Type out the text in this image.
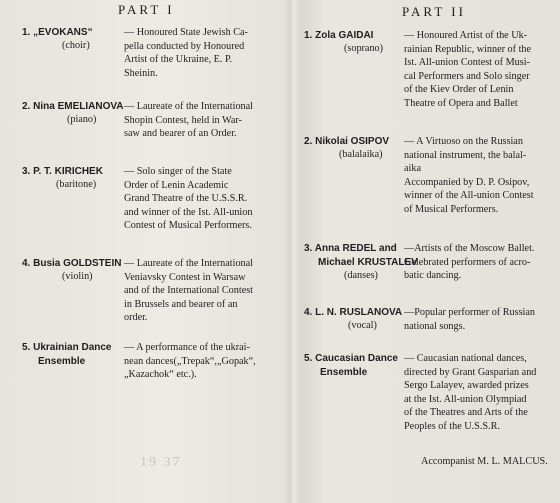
19 37
PART I
1. „EVOKANS“
(choir)
— Honoured State Jewish Ca-
pella conducted by Honoured
Artist of the Ukraine, E. P.
Sheinin.
2. Nina EMELIANOVA
(piano)
— Laureate of the International
Shopin Contest, held in War-
saw and bearer of an Order.
3. P. T. KIRICHEK
(baritone)
— Solo singer of the State
Order of Lenin Academic
Grand Theatre of the U.S.S.R.
and winner of the Ist. All-union
Contest of Musical Performers.
4. Busia GOLDSTEIN
(violin)
— Laureate of the International
Veniavsky Contest in Warsaw
and of the International Contest
in Brussels and bearer of an
order.
5. Ukrainian Dance
Ensemble
— A performance of the ukrai-
nean dances(„Trepak“,„Gopak“,
„Kazachok“ etc.).
PART II
1. Zola GAIDAI
(soprano)
— Honoured Artist of the Uk-
rainian Republic, winner of the
Ist. All-union Contest of Musi-
cal Performers and Solo singer
of the Kiev Order of Lenin
Theatre of Opera and Ballet
2. Nikolai OSIPOV
(balalaika)
— A Virtuoso on the Russian
national instrument, the balal-
aika
Accompanied by D. P. Osipov,
winner of the All-union Contest
of Musical Performers.
3. Anna REDEL and
Michael KRUSTALEV
(danses)
—Artists of the Moscow Ballet.
Gelebrated performers of acro-
batic dancing.
4. L. N. RUSLANOVA
(vocal)
—Popular performer of Russian
national songs.
5. Caucasian Dance
Ensemble
— Caucasian national dances,
directed by Grant Gasparian and
Sergo Lalayev, awarded prizes
at the Ist. All-union Olympiad
of the Theatres and Arts of the
Peoples of the U.S.S.R.
Accompanist M. L. MALCUS.
